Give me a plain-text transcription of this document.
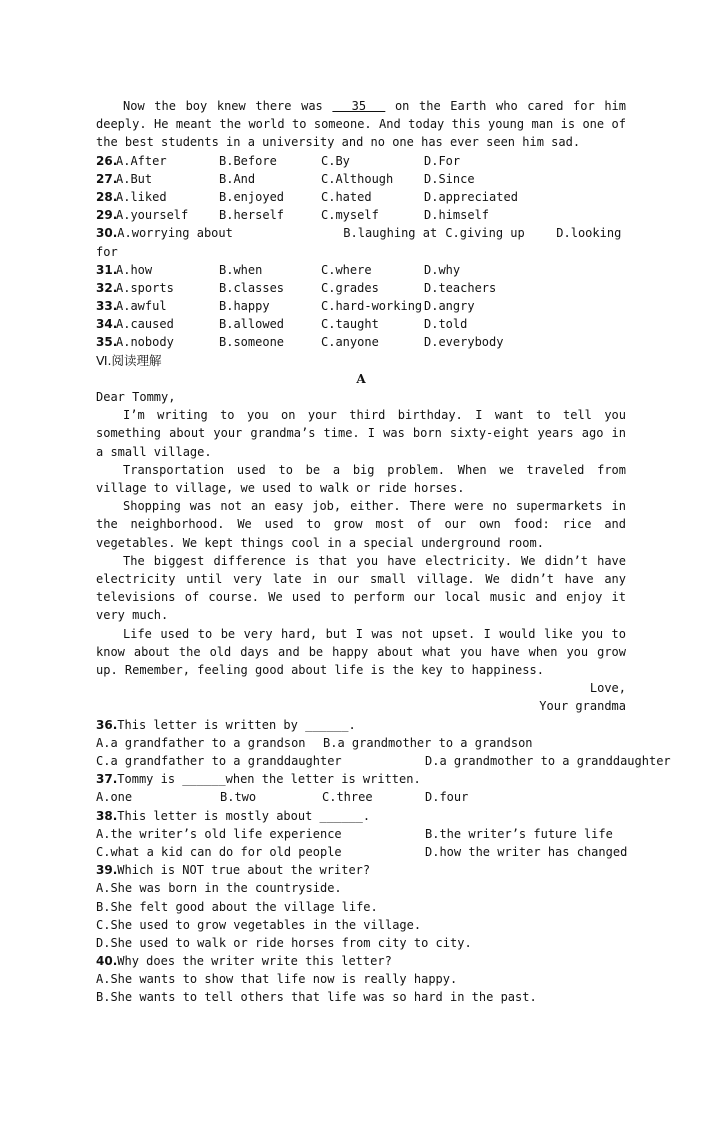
Now the boy knew there was   35   on the Earth who cared for him deeply. He meant the world to someone. And today this young man is one of the best students in a university and no one has ever seen him sad.

26.
A.After	B.Before	C.By	D.For
27.
A.But	B.And	C.Although	D.Since
28.
A.liked	B.enjoyed	C.hated	D.appreciated
29.
A.yourself	B.herself	C.myself	D.himself
30. A.worrying about	B.laughing at C.giving up	D.looking
for
31.
A.how	B.when	C.where	D.why
32.
A.sports	B.classes	C.grades	D.teachers
33.
A.awful	B.happy	C.hard-working D.angry
34.
A.caused	B.allowed	C.taught	D.told
35.
A.nobody	B.someone	C.anyone	D.everybody
Ⅵ.阅读理解
A
Dear Tommy,

I’m writing to you on your third birthday. I want to tell you something about your grandma’s time. I was born sixty-eight years ago in a small village.

Transportation used to be a big problem. When we traveled from village to village, we used to walk or ride horses.

Shopping was not an easy job, either. There were no supermarkets in the neighborhood. We used to grow most of our own food: rice and vegetables. We kept things cool in a special underground room.

The biggest difference is that you have electricity. We didn’t have electricity until very late in our small village. We didn’t have any televisions of course. We used to perform our local music and enjoy it very much.

Life used to be very hard, but I was not upset. I would like you to know about the old days and be happy about what you have when you grow up. Remember, feeling good about life is the key to happiness.

Love,
Your grandma
36.This letter is written by ______.
A.a grandfather to a grandson B.a grandmother to a grandson
C.a grandfather to a granddaughter	D.a grandmother to a granddaughter
37.Tommy is ______when the letter is written.
A.one	B.two	C.three	D.four
38.This letter is mostly about ______.
A.the writer’s old life experience	B.the writer’s future life
C.what a kid can do for old people	D.how the writer has changed
39.Which is NOT true about the writer?
A.She was born in the countryside.
B.She felt good about the village life.
C.She used to grow vegetables in the village.
D.She used to walk or ride horses from city to city.
40.Why does the writer write this letter?
A.She wants to show that life now is really happy.
B.She wants to tell others that life was so hard in the past.
